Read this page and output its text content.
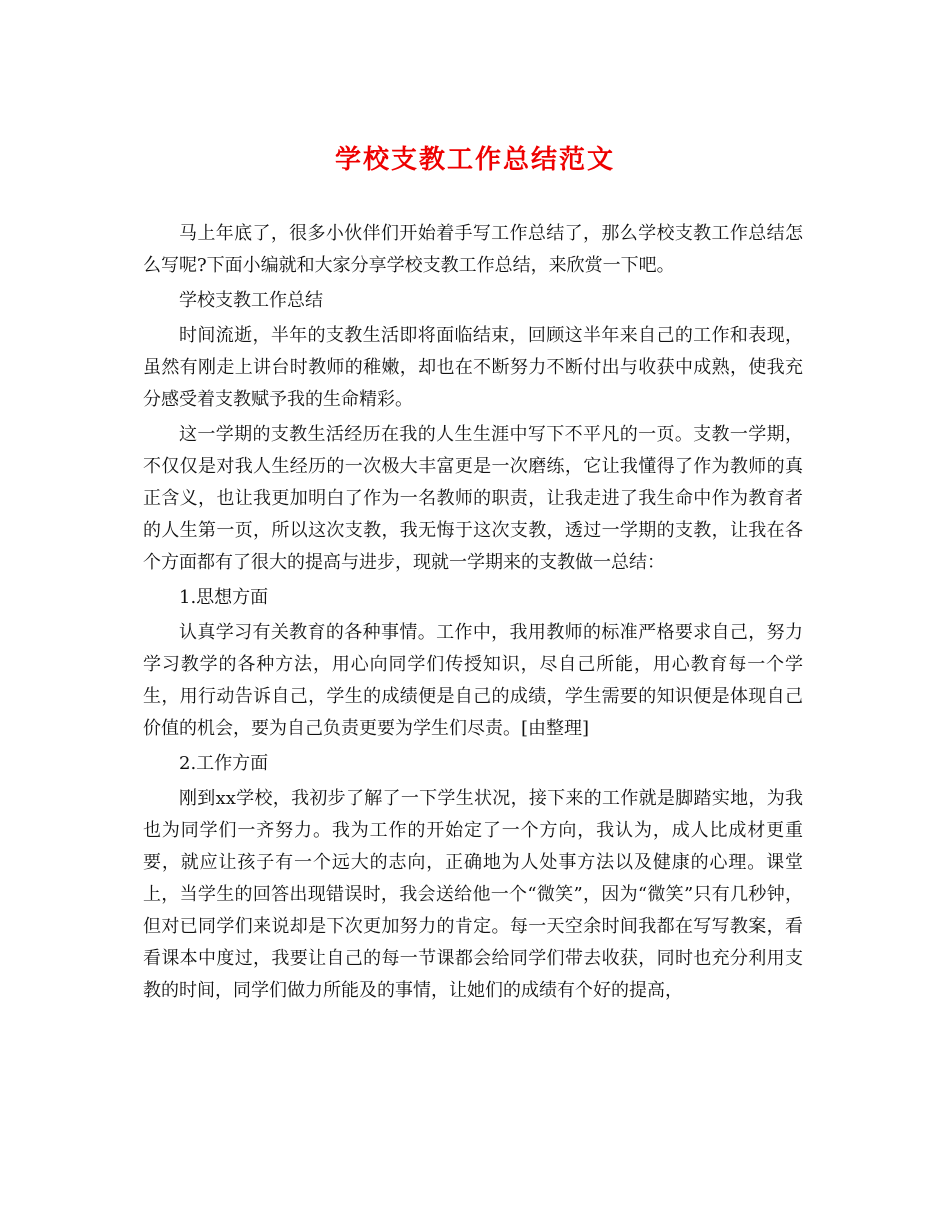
学校支教工作总结范文

马上年底了，很多小伙伴们开始着手写工作总结了，那么学校支教工作总结怎么写呢?下面小编就和大家分享学校支教工作总结，来欣赏一下吧。

学校支教工作总结

时间流逝，半年的支教生活即将面临结束，回顾这半年来自己的工作和表现，虽然有刚走上讲台时教师的稚嫩，却也在不断努力不断付出与收获中成熟，使我充分感受着支教赋予我的生命精彩。

这一学期的支教生活经历在我的人生生涯中写下不平凡的一页。支教一学期，不仅仅是对我人生经历的一次极大丰富更是一次磨练，它让我懂得了作为教师的真正含义，也让我更加明白了作为一名教师的职责，让我走进了我生命中作为教育者的人生第一页，所以这次支教，我无悔于这次支教，透过一学期的支教，让我在各个方面都有了很大的提高与进步，现就一学期来的支教做一总结：

1.思想方面

认真学习有关教育的各种事情。工作中，我用教师的标准严格要求自己，努力学习教学的各种方法，用心向同学们传授知识，尽自己所能，用心教育每一个学生，用行动告诉自己，学生的成绩便是自己的成绩，学生需要的知识便是体现自己价值的机会，要为自己负责更要为学生们尽责。[由整理]

2.工作方面

刚到xx学校，我初步了解了一下学生状况，接下来的工作就是脚踏实地，为我也为同学们一齐努力。我为工作的开始定了一个方向，我认为，成人比成材更重要，就应让孩子有一个远大的志向，正确地为人处事方法以及健康的心理。课堂上，当学生的回答出现错误时，我会送给他一个“微笑”，因为“微笑”只有几秒钟，但对已同学们来说却是下次更加努力的肯定。每一天空余时间我都在写写教案，看看课本中度过，我要让自己的每一节课都会给同学们带去收获，同时也充分利用支教的时间，同学们做力所能及的事情，让她们的成绩有个好的提高，
